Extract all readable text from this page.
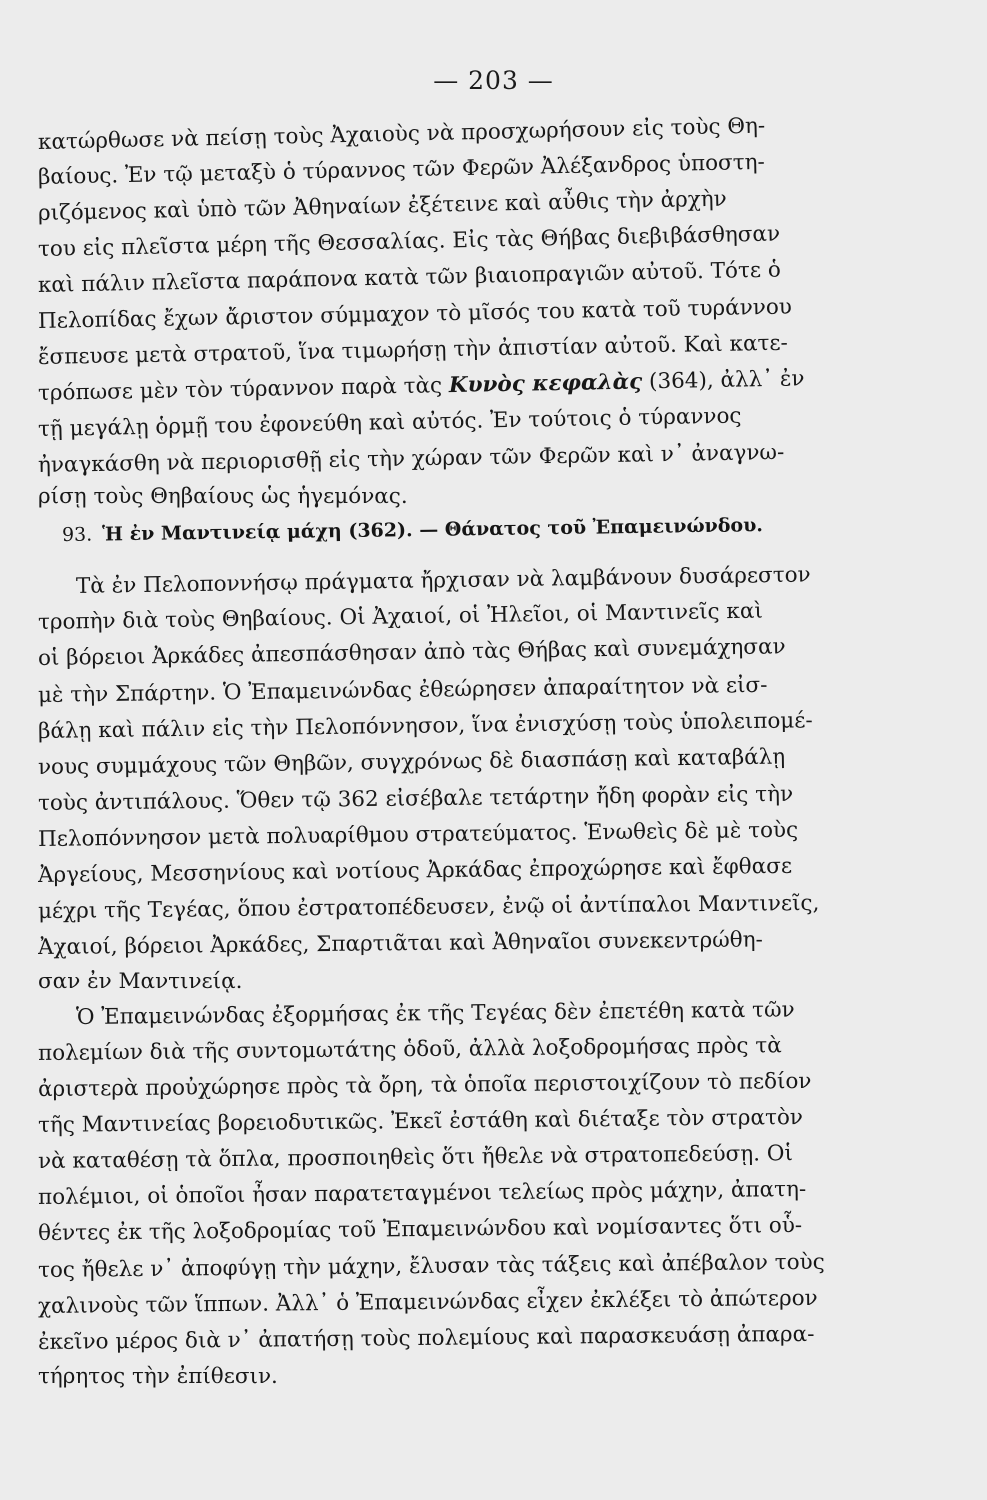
— 203 —
κατώρθωσε νὰ πείσῃ τοὺς Ἀχαιοὺς νὰ προσχωρήσουν εἰς τοὺς Θη-
βαίους. Ἐν τῷ μεταξὺ ὁ τύραννος τῶν Φερῶν Ἀλέξανδρος ὑποστη-
ριζόμενος καὶ ὑπὸ τῶν Ἀθηναίων ἐξέτεινε καὶ αὖθις τὴν ἀρχὴν
του εἰς πλεῖστα μέρη τῆς Θεσσαλίας. Εἰς τὰς Θήβας διεβιβάσθησαν
καὶ πάλιν πλεῖστα παράπονα κατὰ τῶν βιαιοπραγιῶν αὐτοῦ. Τότε ὁ
Πελοπίδας ἔχων ἄριστον σύμμαχον τὸ μῖσός του κατὰ τοῦ τυράννου
ἔσπευσε μετὰ στρατοῦ, ἵνα τιμωρήσῃ τὴν ἀπιστίαν αὐτοῦ. Καὶ κατε-
τρόπωσε μὲν τὸν τύραννον παρὰ τὰς Κυνὸς κεφαλὰς (364), ἀλλ᾽ ἐν
τῇ μεγάλῃ ὁρμῇ του ἐφονεύθη καὶ αὐτός. Ἐν τούτοις ὁ τύραννος
ἠναγκάσθη νὰ περιορισθῇ εἰς τὴν χώραν τῶν Φερῶν καὶ ν᾽ ἀναγνω-
ρίσῃ τοὺς Θηβαίους ὡς ἡγεμόνας.
93. Ἡ ἐν Μαντινείᾳ μάχη (362). — Θάνατος τοῦ Ἐπαμεινώνδου.
Τὰ ἐν Πελοποννήσῳ πράγματα ἤρχισαν νὰ λαμβάνουν δυσάρεστον
τροπὴν διὰ τοὺς Θηβαίους. Οἱ Ἀχαιοί, οἱ Ἠλεῖοι, οἱ Μαντινεῖς καὶ
οἱ βόρειοι Ἀρκάδες ἀπεσπάσθησαν ἀπὸ τὰς Θήβας καὶ συνεμάχησαν
μὲ τὴν Σπάρτην. Ὁ Ἐπαμεινώνδας ἐθεώρησεν ἀπαραίτητον νὰ εἰσ-
βάλῃ καὶ πάλιν εἰς τὴν Πελοπόννησον, ἵνα ἐνισχύσῃ τοὺς ὑπολειπομέ-
νους συμμάχους τῶν Θηβῶν, συγχρόνως δὲ διασπάσῃ καὶ καταβάλῃ
τοὺς ἀντιπάλους. Ὅθεν τῷ 362 εἰσέβαλε τετάρτην ἤδη φορὰν εἰς τὴν
Πελοπόννησον μετὰ πολυαρίθμου στρατεύματος. Ἑνωθεὶς δὲ μὲ τοὺς
Ἀργείους, Μεσσηνίους καὶ νοτίους Ἀρκάδας ἐπροχώρησε καὶ ἔφθασε
μέχρι τῆς Τεγέας, ὅπου ἐστρατοπέδευσεν, ἐνῷ οἱ ἀντίπαλοι Μαντινεῖς,
Ἀχαιοί, βόρειοι Ἀρκάδες, Σπαρτιᾶται καὶ Ἀθηναῖοι συνεκεντρώθη-
σαν ἐν Μαντινείᾳ.
Ὁ Ἐπαμεινώνδας ἐξορμήσας ἐκ τῆς Τεγέας δὲν ἐπετέθη κατὰ τῶν
πολεμίων διὰ τῆς συντομωτάτης ὁδοῦ, ἀλλὰ λοξοδρομήσας πρὸς τὰ
ἀριστερὰ προὐχώρησε πρὸς τὰ ὄρη, τὰ ὁποῖα περιστοιχίζουν τὸ πεδίον
τῆς Μαντινείας βορειοδυτικῶς. Ἐκεῖ ἐστάθη καὶ διέταξε τὸν στρατὸν
νὰ καταθέσῃ τὰ ὅπλα, προσποιηθεὶς ὅτι ἤθελε νὰ στρατοπεδεύσῃ. Οἱ
πολέμιοι, οἱ ὁποῖοι ἦσαν παρατεταγμένοι τελείως πρὸς μάχην, ἀπατη-
θέντες ἐκ τῆς λοξοδρομίας τοῦ Ἐπαμεινώνδου καὶ νομίσαντες ὅτι οὗ-
τος ἤθελε ν᾽ ἀποφύγῃ τὴν μάχην, ἔλυσαν τὰς τάξεις καὶ ἀπέβαλον τοὺς
χαλινοὺς τῶν ἵππων. Ἀλλ᾽ ὁ Ἐπαμεινώνδας εἶχεν ἐκλέξει τὸ ἀπώτερον
ἐκεῖνο μέρος διὰ ν᾽ ἀπατήσῃ τοὺς πολεμίους καὶ παρασκευάσῃ ἀπαρα-
τήρητος τὴν ἐπίθεσιν.
